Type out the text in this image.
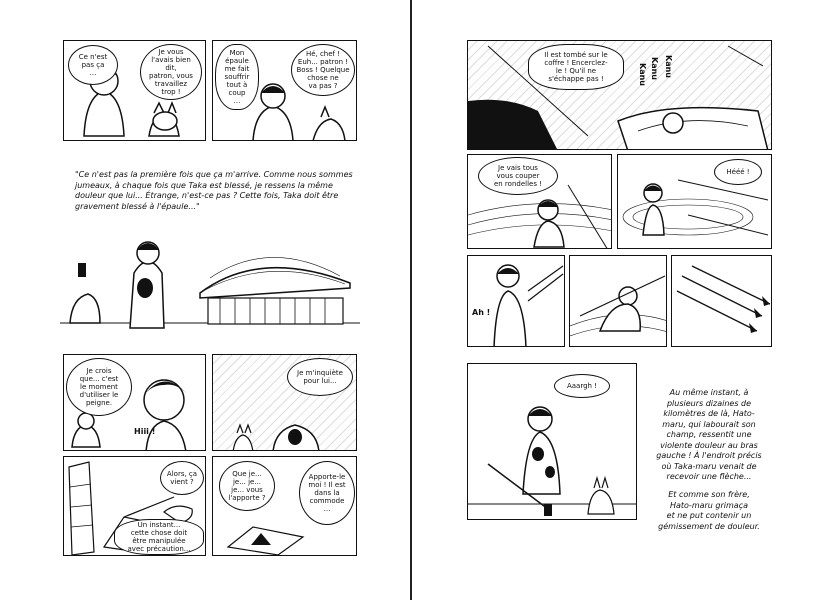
Ce n'est
pas ça
...
Je vous
l'avais bien dit,
patron, vous
travaillez
trop !
Mon
épaule
me fait
souffrir
tout à
coup
...
Hé, chef !
Euh... patron !
Boss ! Quelque
chose ne
va pas ?
"Ce n'est pas la première fois que ça m'arrive. Comme nous sommes jumeaux, à chaque fois que Taka est blessé, je ressens la même douleur que lui... Étrange, n'est-ce pas ? Cette fois, Taka doit être gravement blessé à l'épaule..."
Je crois
que... c'est
le moment
d'utiliser le
peigne.
Hiii !
Je m'inquiète
pour lui...
Alors, ça
vient ?
Un instant...
cette chose doit
être manipulée
avec précaution...
Que je...
je... je...
je... vous
l'apporte ?
Apporte-le
moi ! Il est
dans la
commode
...
Il est tombé sur le
coffre ! Encerclez-
le ! Qu'il ne
s'échappe pas !	Kanu Kanu Kanu
Je vais tous
vous couper
en rondelles !
Hééé !
Ah !
Aaargh !
Au même instant, à
plusieurs dizaines de
kilomètres de là, Hato-
maru, qui labourait son
champ, ressentit une
violente douleur au bras
gauche ! À l'endroit précis
où Taka-maru venait de
recevoir une flèche...
Et comme son frère,
Hato-maru grimaça
et ne put contenir un
gémissement de douleur.
